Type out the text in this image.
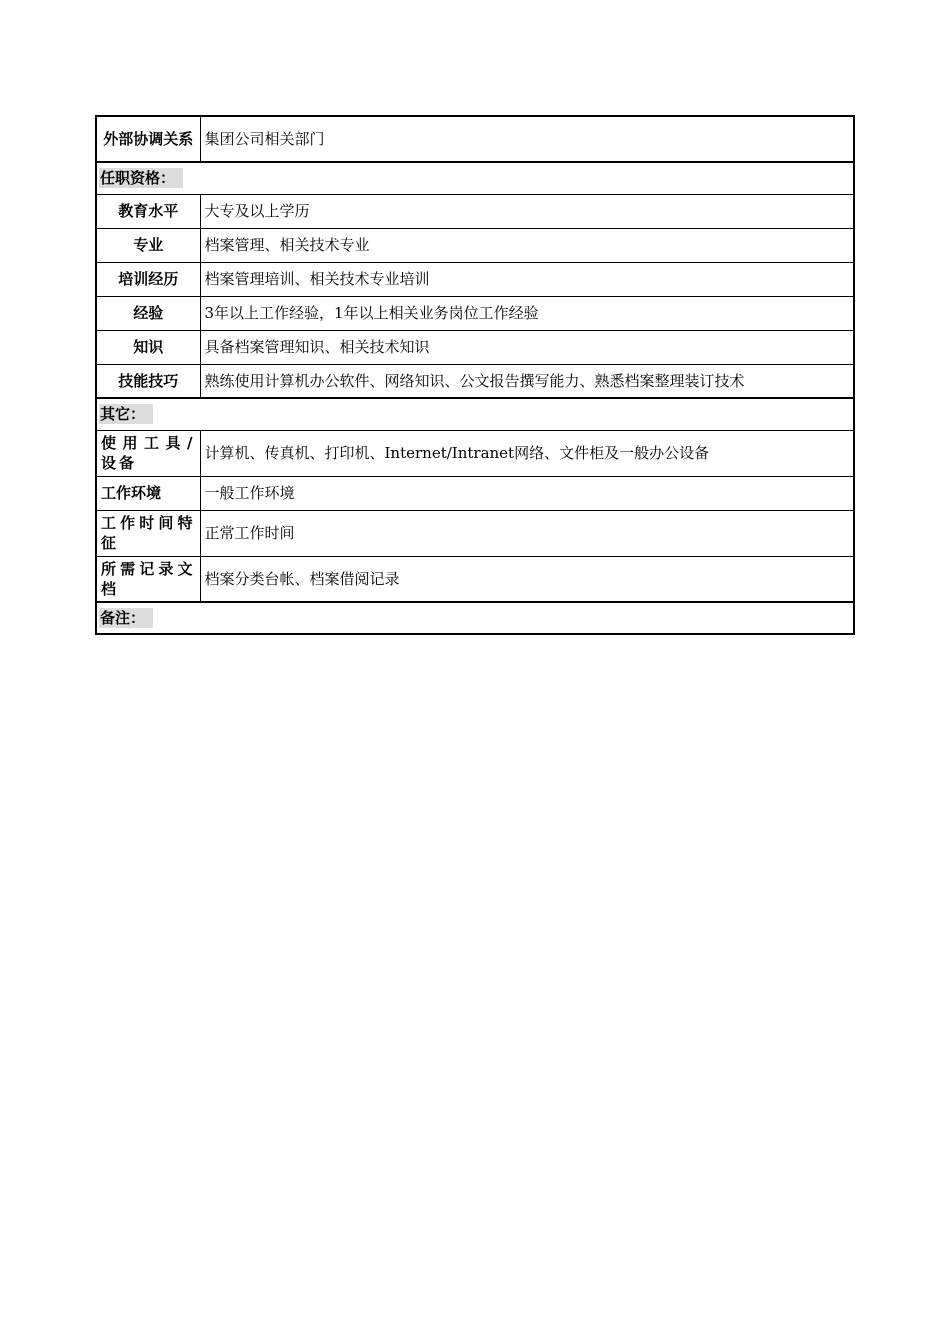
外部协调关系	集团公司相关部门
任职资格：	
教育水平	大专及以上学历
专业	档案管理、相关技术专业
培训经历	档案管理培训、相关技术专业培训
经验	3年以上工作经验，1年以上相关业务岗位工作经验
知识	具备档案管理知识、相关技术知识
技能技巧	熟练使用计算机办公软件、网络知识、公文报告撰写能力、熟悉档案整理装订技术
其它：	
使用工具/设备	计算机、传真机、打印机、Internet/Intranet网络、文件柜及一般办公设备
工作环境	一般工作环境
工作时间特征	正常工作时间
所需记录文档	档案分类台帐、档案借阅记录
备注：	
